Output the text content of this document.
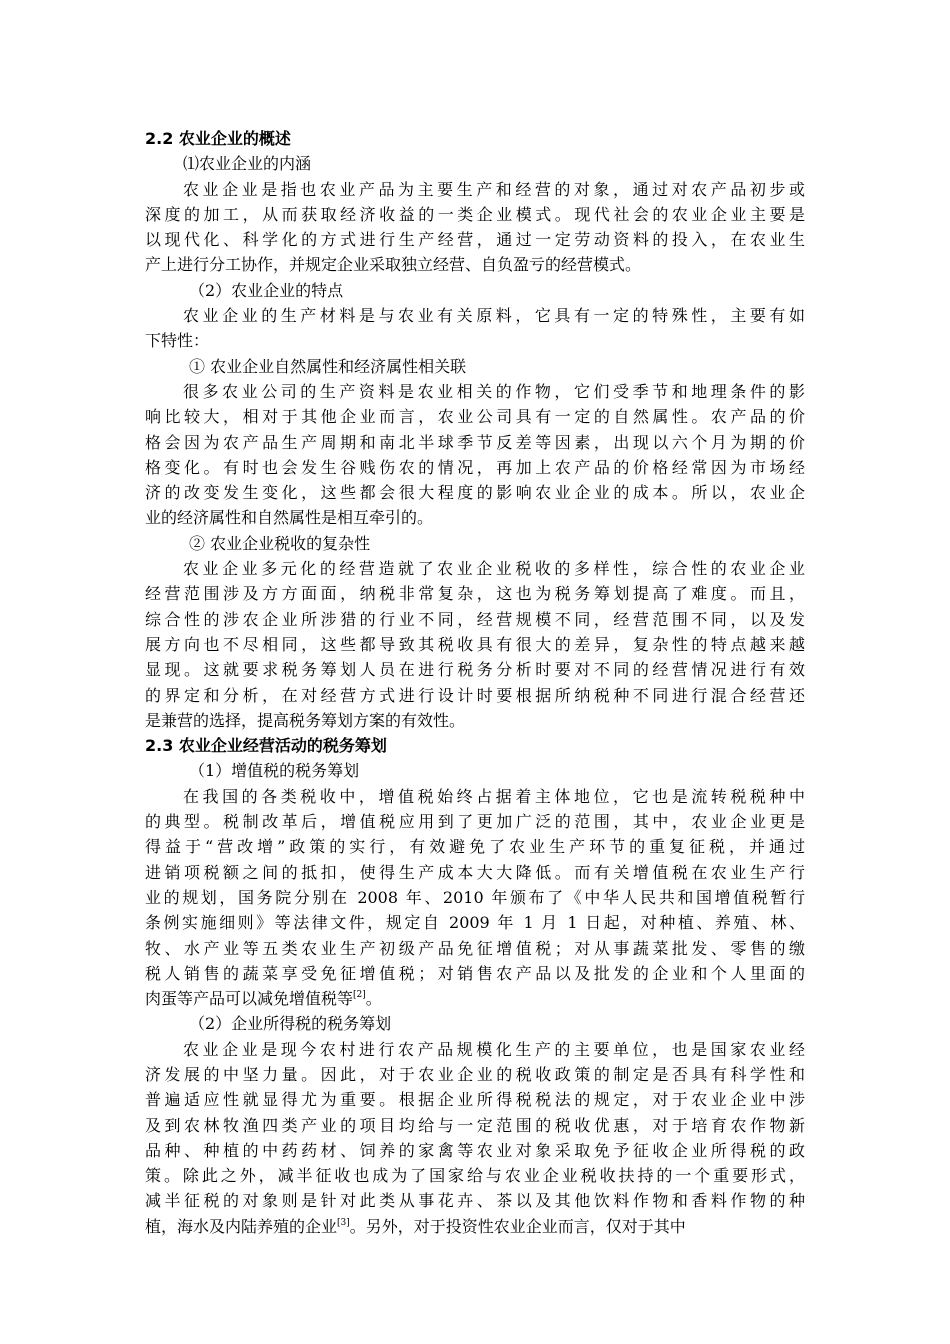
2.2 农业企业的概述
⑴农业企业的内涵
农业企业是指也农业产品为主要生产和经营的对象，通过对农产品初步或
深度的加工，从而获取经济收益的一类企业模式。现代社会的农业企业主要是
以现代化、科学化的方式进行生产经营，通过一定劳动资料的投入，在农业生
产上进行分工协作，并规定企业采取独立经营、自负盈亏的经营模式。
（2）农业企业的特点
农业企业的生产材料是与农业有关原料，它具有一定的特殊性，主要有如
下特性：
① 农业企业自然属性和经济属性相关联
很多农业公司的生产资料是农业相关的作物，它们受季节和地理条件的影
响比较大，相对于其他企业而言，农业公司具有一定的自然属性。农产品的价
格会因为农产品生产周期和南北半球季节反差等因素，出现以六个月为期的价
格变化。有时也会发生谷贱伤农的情况，再加上农产品的价格经常因为市场经
济的改变发生变化，这些都会很大程度的影响农业企业的成本。所以，农业企
业的经济属性和自然属性是相互牵引的。
② 农业企业税收的复杂性
农业企业多元化的经营造就了农业企业税收的多样性，综合性的农业企业
经营范围涉及方方面面，纳税非常复杂，这也为税务筹划提高了难度。而且，
综合性的涉农企业所涉猎的行业不同，经营规模不同，经营范围不同，以及发
展方向也不尽相同，这些都导致其税收具有很大的差异，复杂性的特点越来越
显现。这就要求税务筹划人员在进行税务分析时要对不同的经营情况进行有效
的界定和分析，在对经营方式进行设计时要根据所纳税种不同进行混合经营还
是兼营的选择，提高税务筹划方案的有效性。
2.3 农业企业经营活动的税务筹划
（1）增值税的税务筹划
在我国的各类税收中，增值税始终占据着主体地位，它也是流转税税种中
的典型。税制改革后，增值税应用到了更加广泛的范围，其中，农业企业更是
得益于“营改增”政策的实行，有效避免了农业生产环节的重复征税，并通过
进销项税额之间的抵扣，使得生产成本大大降低。而有关增值税在农业生产行
业的规划，国务院分别在 2008 年、2010 年颁布了《中华人民共和国增值税暂行
条例实施细则》等法律文件，规定自 2009 年 1 月 1 日起，对种植、养殖、林、
牧、水产业等五类农业生产初级产品免征增值税；对从事蔬菜批发、零售的缴
税人销售的蔬菜享受免征增值税；对销售农产品以及批发的企业和个人里面的
肉蛋等产品可以减免增值税等[2]。
（2）企业所得税的税务筹划
农业企业是现今农村进行农产品规模化生产的主要单位，也是国家农业经
济发展的中坚力量。因此，对于农业企业的税收政策的制定是否具有科学性和
普遍适应性就显得尤为重要。根据企业所得税税法的规定，对于农业企业中涉
及到农林牧渔四类产业的项目均给与一定范围的税收优惠，对于培育农作物新
品种、种植的中药药材、饲养的家禽等农业对象采取免予征收企业所得税的政
策。除此之外，减半征收也成为了国家给与农业企业税收扶持的一个重要形式，
减半征税的对象则是针对此类从事花卉、茶以及其他饮料作物和香料作物的种
植，海水及内陆养殖的企业[3]。另外，对于投资性农业企业而言，仅对于其中
